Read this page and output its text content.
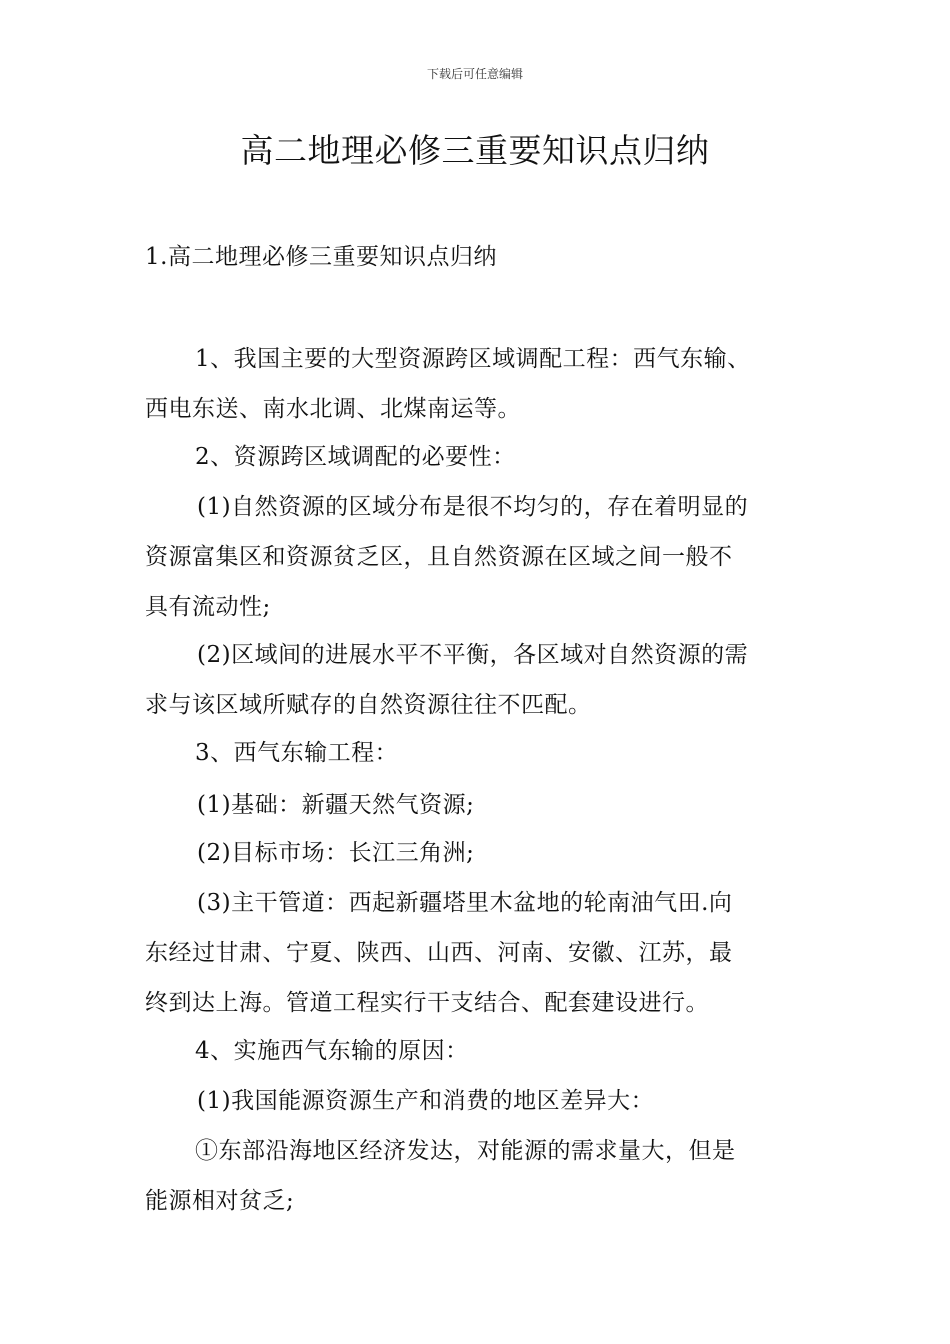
下载后可任意编辑
高二地理必修三重要知识点归纳

1.高二地理必修三重要知识点归纳

1、我国主要的大型资源跨区域调配工程：西气东输、
西电东送、南水北调、北煤南运等。

2、资源跨区域调配的必要性：

(1)自然资源的区域分布是很不均匀的，存在着明显的
资源富集区和资源贫乏区，且自然资源在区域之间一般不
具有流动性;

(2)区域间的进展水平不平衡，各区域对自然资源的需
求与该区域所赋存的自然资源往往不匹配。

3、西气东输工程：

(1)基础：新疆天然气资源;

(2)目标市场：长江三角洲;

(3)主干管道：西起新疆塔里木盆地的轮南油气田.向
东经过甘肃、宁夏、陕西、山西、河南、安徽、江苏，最
终到达上海。管道工程实行干支结合、配套建设进行。

4、实施西气东输的原因：

(1)我国能源资源生产和消费的地区差异大：

①东部沿海地区经济发达，对能源的需求量大，但是
能源相对贫乏;
